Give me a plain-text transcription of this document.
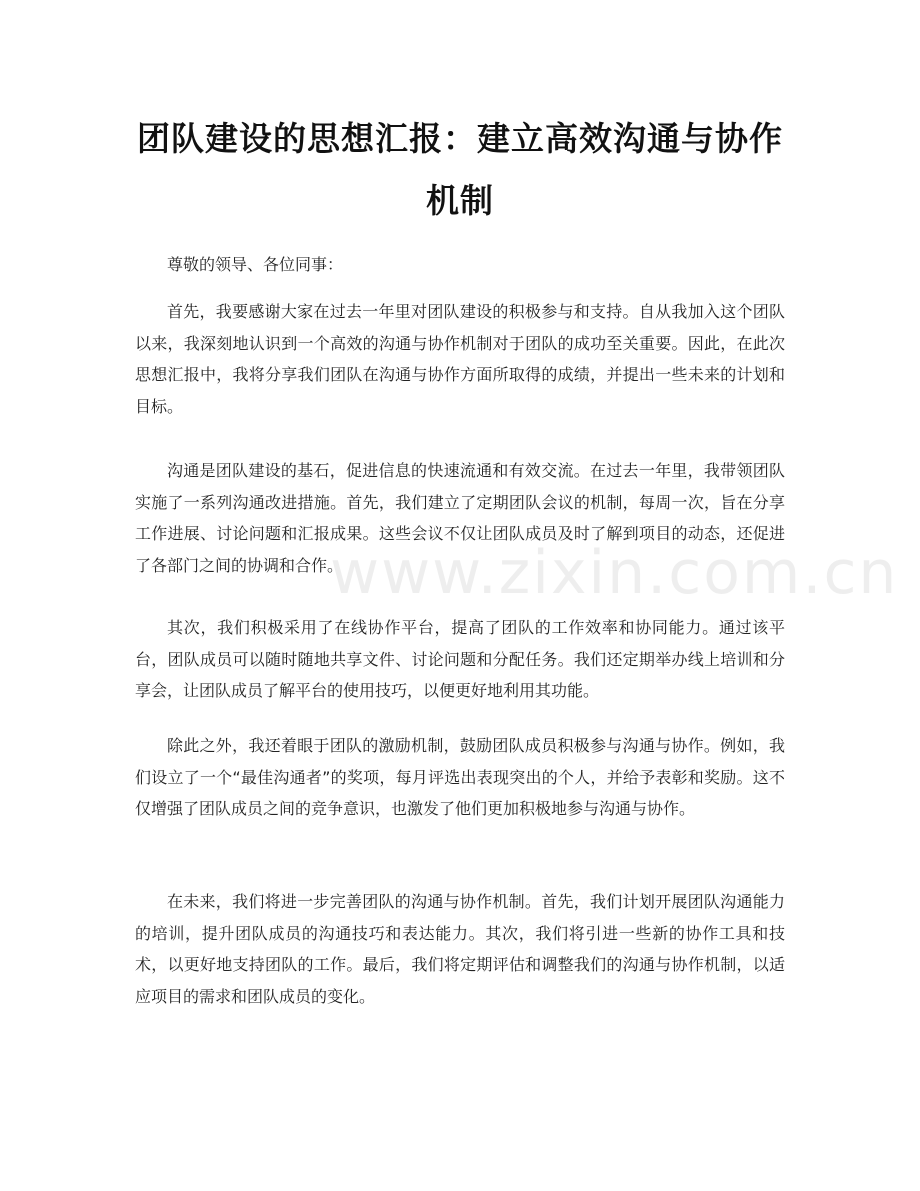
团队建设的思想汇报：建立高效沟通与协作机制

尊敬的领导、各位同事：

首先，我要感谢大家在过去一年里对团队建设的积极参与和支持。自从我加入这个团队以来，我深刻地认识到一个高效的沟通与协作机制对于团队的成功至关重要。因此，在此次思想汇报中，我将分享我们团队在沟通与协作方面所取得的成绩，并提出一些未来的计划和目标。

沟通是团队建设的基石，促进信息的快速流通和有效交流。在过去一年里，我带领团队实施了一系列沟通改进措施。首先，我们建立了定期团队会议的机制，每周一次，旨在分享工作进展、讨论问题和汇报成果。这些会议不仅让团队成员及时了解到项目的动态，还促进了各部门之间的协调和合作。

其次，我们积极采用了在线协作平台，提高了团队的工作效率和协同能力。通过该平台，团队成员可以随时随地共享文件、讨论问题和分配任务。我们还定期举办线上培训和分享会，让团队成员了解平台的使用技巧，以便更好地利用其功能。

除此之外，我还着眼于团队的激励机制，鼓励团队成员积极参与沟通与协作。例如，我们设立了一个“最佳沟通者”的奖项，每月评选出表现突出的个人，并给予表彰和奖励。这不仅增强了团队成员之间的竞争意识，也激发了他们更加积极地参与沟通与协作。

在未来，我们将进一步完善团队的沟通与协作机制。首先，我们计划开展团队沟通能力的培训，提升团队成员的沟通技巧和表达能力。其次，我们将引进一些新的协作工具和技术，以更好地支持团队的工作。最后，我们将定期评估和调整我们的沟通与协作机制，以适应项目的需求和团队成员的变化。

www.zixin.com.cn
